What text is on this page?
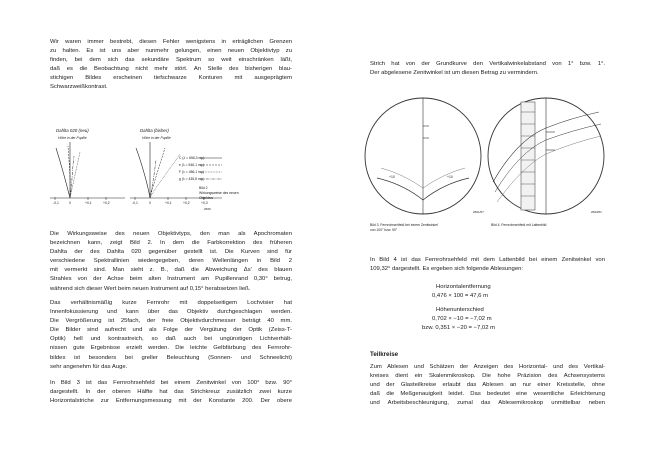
Wir waren immer bestrebt, diesen Fehler wenigstens in erträglichen Grenzen
zu halten. Es ist uns aber nunmehr gelungen, einen neuen Objektivtyp zu
finden, bei dem sich das sekundäre Spektrum so weit einschränken läßt,
daß es die Beobachtung nicht mehr stört. An Stelle des bisherigen blau-
stichigen Bildes erscheinen tiefschwarze Konturen mit ausgeprägtem
Schwarzweißkontrast.
Dahlta 020 (neu)
Höhe in der Pupille
Dahlta (bisher)
Höhe in der Pupille
C (λ = 656,3 mμ)
e (λ = 546,1 mμ)
F (λ = 486,1 mμ)
g (λ = 435,8 mμ)
-0,1	0	+0,1	+0,2	-0,1	0	+0,1	+0,2	+0,3
Bild 2
Wirkungsweise des neuen
Objektivs
2669
Die Wirkungsweise des neuen Objektivtyps, den man als Apochromaten
bezeichnen kann, zeigt Bild 2. In dem die Farbkorrektion des früheren
Dahlta der des Dahlta 020 gegenüber gestellt ist. Die Kurven sind für
verschiedene Spektrallinien wiedergegeben, deren Wellenlängen in Bild 2
mit vermerkt sind. Man sieht z. B., daß die Abweichung Δs' des blauen
Strahles von der Achse beim alten Instrument am Pupillenrand 0,30° betrug,
während sich dieser Wert beim neuen Instrument auf 0,15° herabsetzen ließ.
Das verhältnismäßig kurze Fernrohr mit doppelseitigem Lochvisier hat
Innenfokussierung und kann über das Objektiv durchgeschlagen werden.
Die Vergrößerung ist 25fach, der freie Objektivdurchmesser beträgt 40 mm.
Die Bilder sind aufrecht und als Folge der Vergütung der Optik (Zeiss-T-
Optik) hell und kontrastreich, so daß auch bei ungünstigen Lichtverhält-
nissen gute Ergebnisse erzielt werden. Die leichte Gelbfärbung des Fernrohr-
bildes ist besonders bei greller Beleuchtung (Sonnen- und Schneelicht)
sehr angenehm für das Auge.
In Bild 3 ist das Fernrohrsehfeld bei einem Zenitwinkel von 100° bzw. 90°
dargestellt. In der oberen Hälfte hat das Strichkreuz zusätzlich zwei kurze
Horizontalstriche zur Entfernungsmessung mit der Konstante 200. Der obere
Strich hat von der Grundkurve den Vertikalwinkelabstand von 1° bzw. 1°.
Der abgelesene Zenitwinkel ist um diesen Betrag zu vermindern.
+10	+10
2661/67	2663/61
Bild 3. Fernrohrsehfeld bei einem Zenitwinkel
von 100° bzw. 90°
Bild 4. Fernrohrsehfeld mit Lattenbild
In Bild 4 ist das Fernrohrsehfeld mit dem Lattenbild bei einem Zenitwinkel von
109,32° dargestellt. Es ergeben sich folgende Ablesungen:
Horizontalentfernung
0,476 × 100 = 47,6 m
Höhenunterschied
0,702 × −10 = −7,02 m
bzw. 0,351 × −20 = −7,02 m
Teilkreise
Zum Ablesen und Schätzen der Anzeigen des Horizontal- und des Vertikal-
kreises dient ein Skalenmikroskop. Die hohe Präzision des Achsensystems
und der Glasteilkreise erlaubt das Ablesen an nur einer Kreisstelle, ohne
daß die Meßgenauigkeit leidet. Das bedeutet eine wesentliche Erleichterung
und Arbeitsbeschleunigung, zumal das Ablesemikroskop unmittelbar neben
